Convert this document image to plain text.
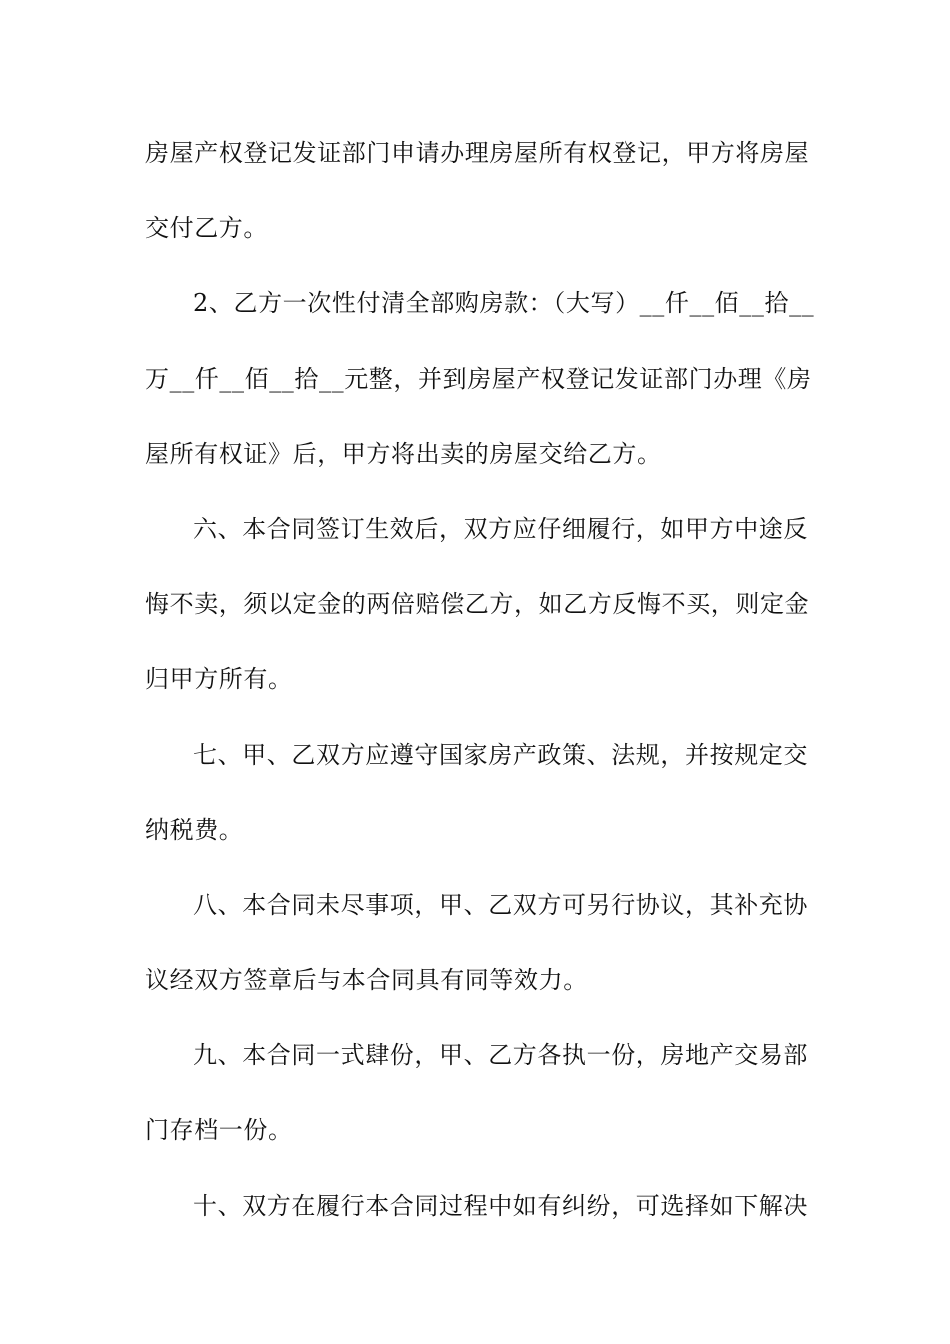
房屋产权登记发证部门申请办理房屋所有权登记，甲方将房屋
交付乙方。
2、乙方一次性付清全部购房款：（大写）__仟__佰__拾__
万__仟__佰__拾__元整，并到房屋产权登记发证部门办理《房
屋所有权证》后，甲方将出卖的房屋交给乙方。
六、本合同签订生效后，双方应仔细履行，如甲方中途反
悔不卖，须以定金的两倍赔偿乙方，如乙方反悔不买，则定金
归甲方所有。
七、甲、乙双方应遵守国家房产政策、法规，并按规定交
纳税费。
八、本合同未尽事项，甲、乙双方可另行协议，其补充协
议经双方签章后与本合同具有同等效力。
九、本合同一式肆份，甲、乙方各执一份，房地产交易部
门存档一份。
十、双方在履行本合同过程中如有纠纷，可选择如下解决
